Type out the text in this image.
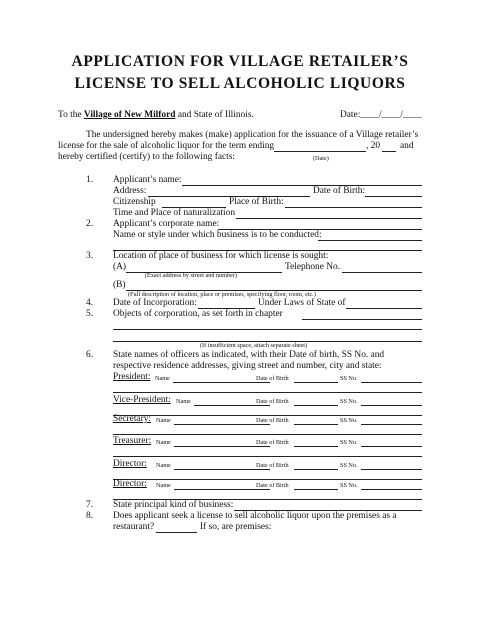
APPLICATION FOR VILLAGE RETAILER’S
LICENSE TO SELL ALCOHOLIC LIQUORS
To the Village of New Milford and State of Illinois.	Date:____/____/____
The undersigned hereby makes (make) application for the issuance of a Village retailer’s
license for the sale of alcoholic liquor for the term ending	, 20 and
hereby certified (certify) to the following facts:	(Date)
1. Applicant’s name:
Address:	Date of Birth:
Citizenship	Place of Birth:
Time and Place of naturalization
2. Applicant’s corporate name:
Name or style under which business is to be conducted:
3. Location of place of business for which license is sought:
(A)	Telephone No.
(Exact address by street and number)
(B)
(Full description of location, place or premises, specifying floor, room, etc.)
4. Date of Incorporation:	Under Laws of State of
5. Objects of corporation, as set forth in chapter
(If insufficient space, attach separate sheet)
6. State names of officers as indicated, with their Date of birth, SS No. and
respective residence addresses, giving street and number, city and state:
President: Name	Date of Birth	SS No.
Vice-President: Name	Date of Birth	SS No.
Secretary: Name	Date of Birth	SS No.
Treasurer: Name	Date of Birth	SS No.
Director: Name	Date of Birth	SS No.
Director: Name	Date of Birth	SS No.
7. State principal kind of business:
8. Does applicant seek a license to sell alcoholic liquor upon the premises as a
restaurant?	If so, are premises:
